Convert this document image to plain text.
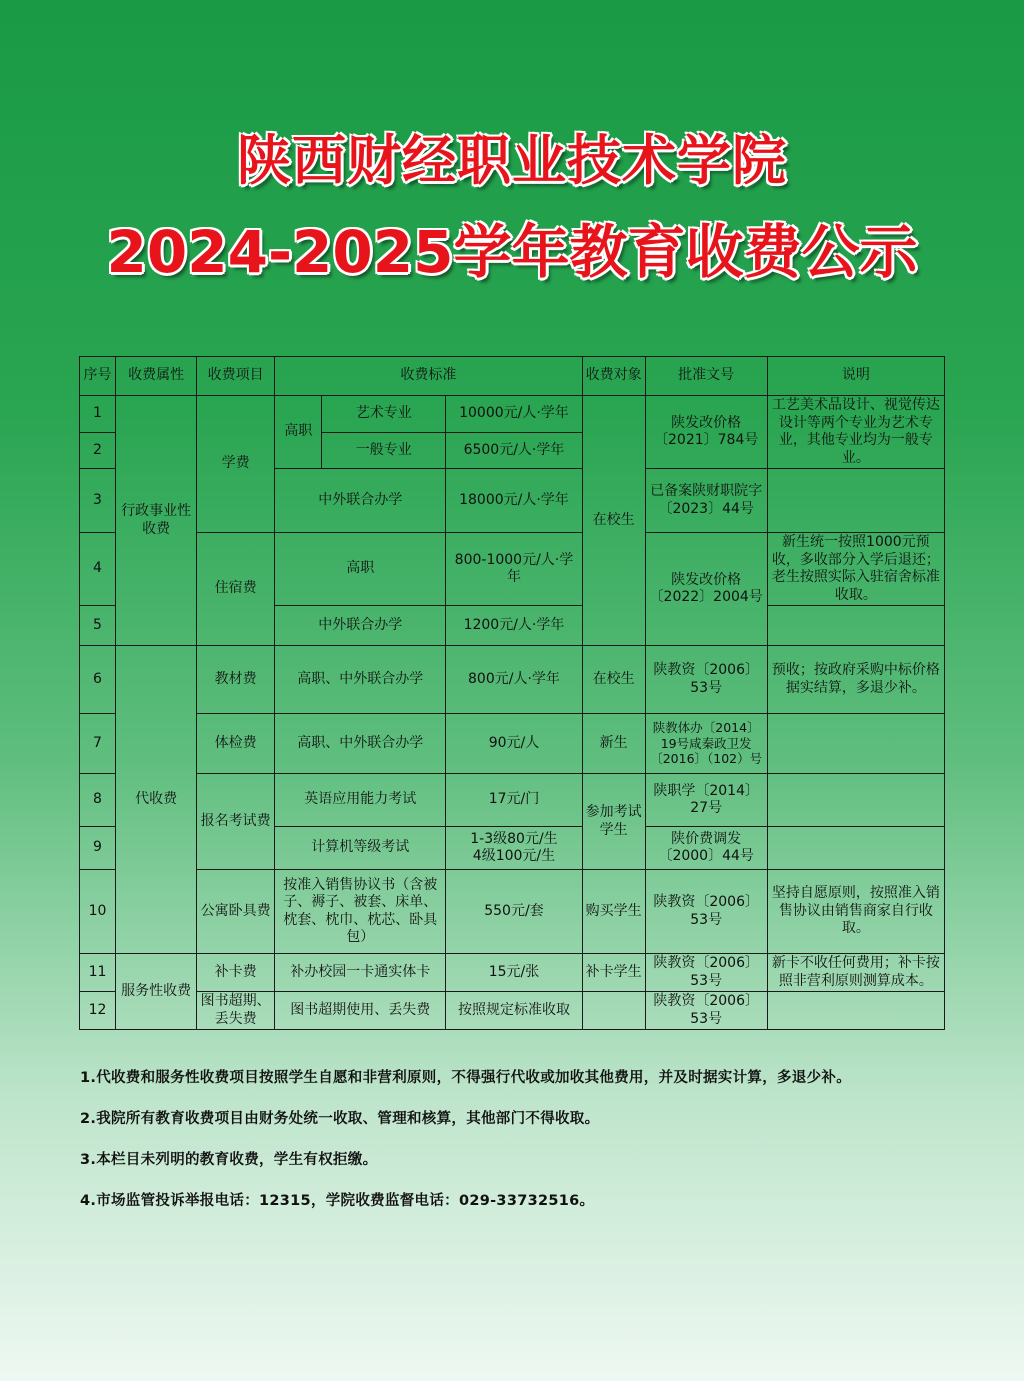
陕西财经职业技术学院
2024-2025学年教育收费公示
序号	收费属性	收费项目	收费标准			收费对象	批准文号	说明
1	行政事业性收费	学费	高职	艺术专业	10000元/人·学年	在校生	陕发改价格〔2021〕784号	工艺美术品设计、视觉传达设计等两个专业为艺术专业，其他专业均为一般专业。
2				一般专业	6500元/人·学年			
3			中外联合办学		18000元/人·学年		已备案陕财职院字〔2023〕44号	
4		住宿费	高职		800-1000元/人·学年		陕发改价格〔2022〕2004号	新生统一按照1000元预收，多收部分入学后退还；老生按照实际入驻宿舍标准收取。
5			中外联合办学		1200元/人·学年			
6	代收费	教材费	高职、中外联合办学		800元/人·学年	在校生	陕教资〔2006〕53号	预收；按政府采购中标价格据实结算，多退少补。
7		体检费	高职、中外联合办学		90元/人	新生	陕教体办〔2014〕19号咸秦政卫发〔2016〕（102）号	
8		报名考试费	英语应用能力考试		17元/门	参加考试学生	陕职学〔2014〕27号	
9			计算机等级考试		1-3级80元/生
4级100元/生		陕价费调发〔2000〕44号	
10		公寓卧具费	按准入销售协议书（含被子、褥子、被套、床单、枕套、枕巾、枕芯、卧具包）		550元/套	购买学生	陕教资〔2006〕53号	坚持自愿原则，按照准入销售协议由销售商家自行收取。
11	服务性收费	补卡费	补办校园一卡通实体卡		15元/张	补卡学生	陕教资〔2006〕53号	新卡不收任何费用；补卡按照非营利原则测算成本。
12		图书超期、丢失费	图书超期使用、丢失费		按照规定标准收取		陕教资〔2006〕53号	
1.代收费和服务性收费项目按照学生自愿和非营利原则，不得强行代收或加收其他费用，并及时据实计算，多退少补。
2.我院所有教育收费项目由财务处统一收取、管理和核算，其他部门不得收取。
3.本栏目未列明的教育收费，学生有权拒缴。
4.市场监管投诉举报电话：12315，学院收费监督电话：029-33732516。
